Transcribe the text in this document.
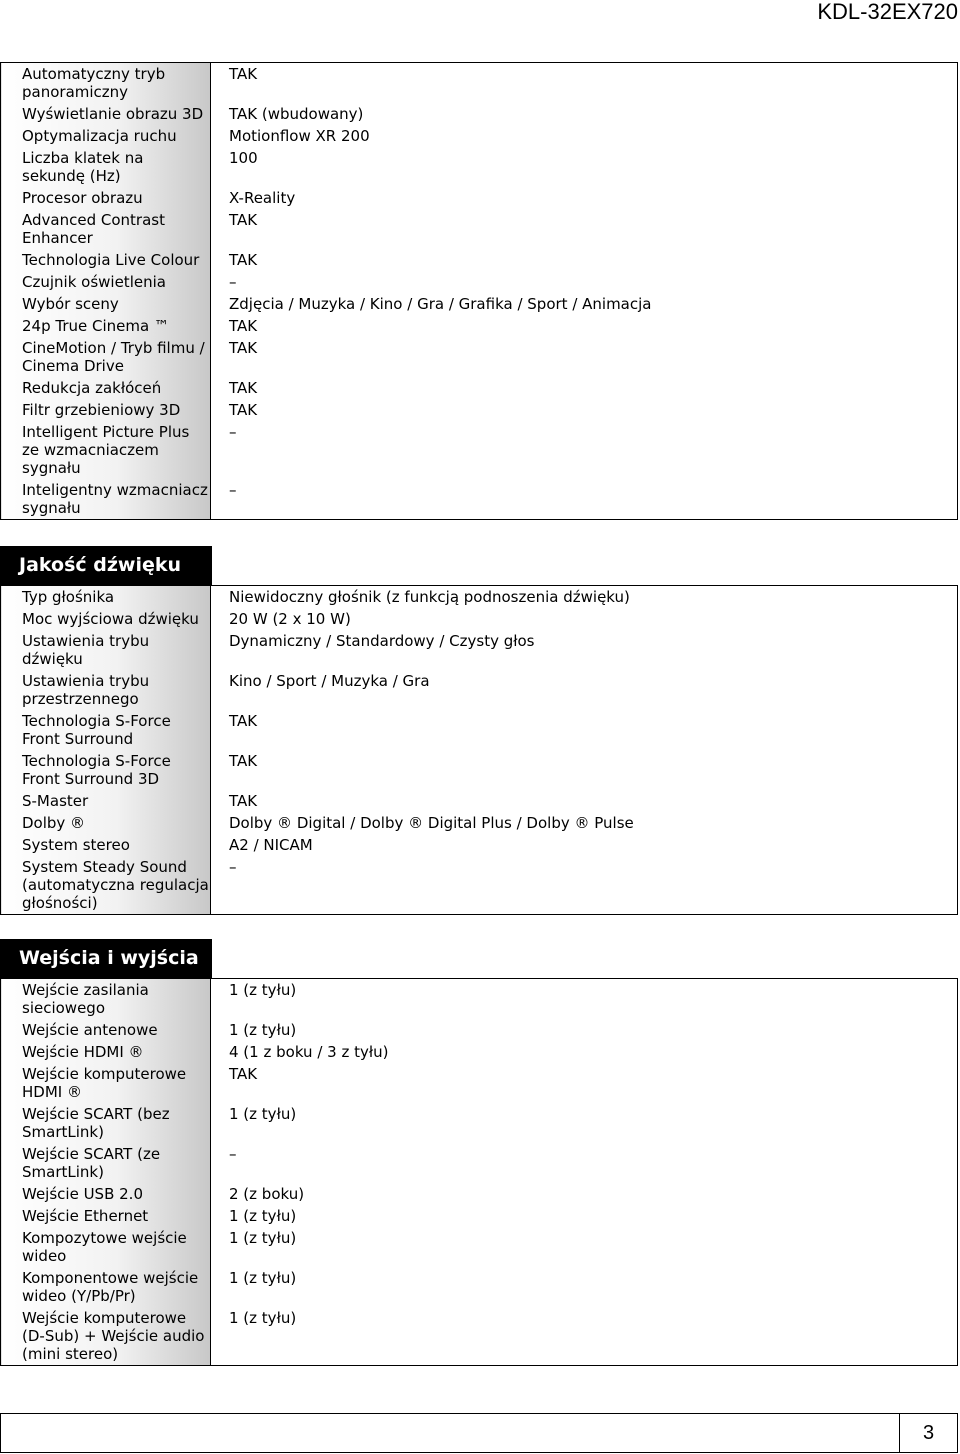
KDL-32EX720
Automatyczny tryb panoramiczny	TAK
Wyświetlanie obrazu 3D	TAK (wbudowany)
Optymalizacja ruchu	Motionflow XR 200
Liczba klatek na sekundę (Hz)	100
Procesor obrazu	X-Reality
Advanced Contrast Enhancer	TAK
Technologia Live Colour	TAK
Czujnik oświetlenia	–
Wybór sceny	Zdjęcia / Muzyka / Kino / Gra / Grafika / Sport / Animacja
24p True Cinema ™	TAK
CineMotion / Tryb filmu / Cinema Drive	TAK
Redukcja zakłóceń	TAK
Filtr grzebieniowy 3D	TAK
Intelligent Picture Plus ze wzmacniaczem sygnału	–
Inteligentny wzmacniacz sygnału	–
Jakość dźwięku
Typ głośnika	Niewidoczny głośnik (z funkcją podnoszenia dźwięku)
Moc wyjściowa dźwięku	20 W (2 x 10 W)
Ustawienia trybu dźwięku	Dynamiczny / Standardowy / Czysty głos
Ustawienia trybu przestrzennego	Kino / Sport / Muzyka / Gra
Technologia S-Force Front Surround	TAK
Technologia S-Force Front Surround 3D	TAK
S-Master	TAK
Dolby ®	Dolby ® Digital / Dolby ® Digital Plus / Dolby ® Pulse
System stereo	A2 / NICAM
System Steady Sound (automatyczna regulacja głośności)	–
Wejścia i wyjścia
Wejście zasilania sieciowego	1 (z tyłu)
Wejście antenowe	1 (z tyłu)
Wejście HDMI ®	4 (1 z boku / 3 z tyłu)
Wejście komputerowe HDMI ®	TAK
Wejście SCART (bez SmartLink)	1 (z tyłu)
Wejście SCART (ze SmartLink)	–
Wejście USB 2.0	2 (z boku)
Wejście Ethernet	1 (z tyłu)
Kompozytowe wejście wideo	1 (z tyłu)
Komponentowe wejście wideo (Y/Pb/Pr)	1 (z tyłu)
Wejście komputerowe (D-Sub) + Wejście audio (mini stereo)	1 (z tyłu)
3
